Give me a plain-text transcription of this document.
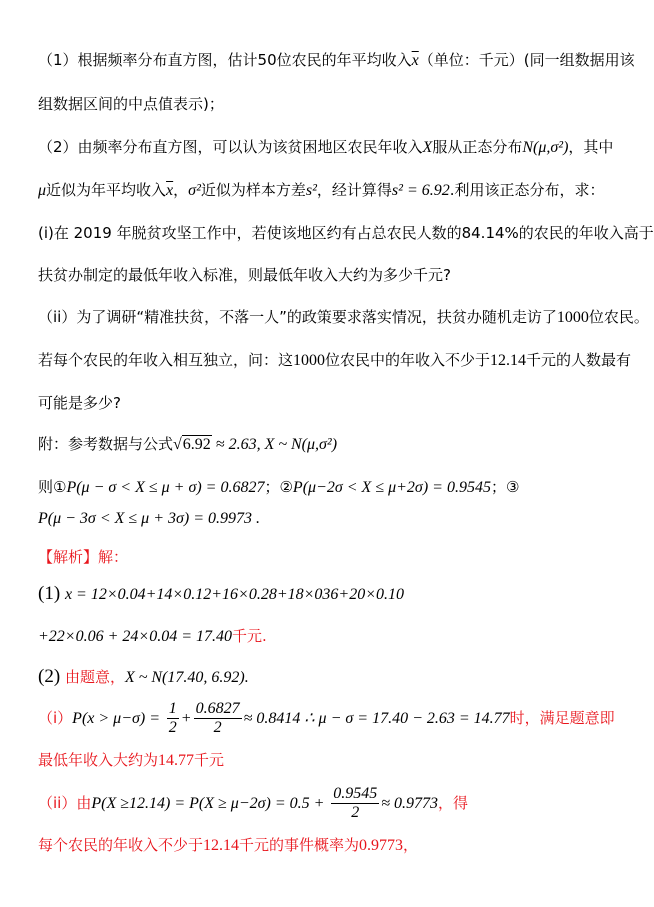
（1）根据频率分布直方图，估计50位农民的年平均收入$\overline{x}$（单位：千元）(同一组数据用该
组数据区间的中点值表示)；
（2）由频率分布直方图，可以认为该贫困地区农民年收入X服从正态分布N(μ,σ²)，其中
μ近似为年平均收入$\overline{x}$，σ²近似为样本方差s²，经计算得s² = 6.92.利用该正态分布，求：
(i)在 2019 年脱贫攻坚工作中，若使该地区约有占总农民人数的84.14%的农民的年收入高于
扶贫办制定的最低年收入标准，则最低年收入大约为多少千元?
（ii）为了调研“精准扶贫，不落一人”的政策要求落实情况，扶贫办随机走访了1000位农民。
若每个农民的年收入相互独立，问：这1000位农民中的年收入不少于12.14千元的人数最有
可能是多少?
附：参考数据与公式√6.92 ≈ 2.63, X ~ N(μ,σ²)
则①P(μ − σ < X ≤ μ + σ) = 0.6827；②P(μ−2σ < X ≤ μ+2σ) = 0.9545；③
P(μ − 3σ < X ≤ μ + 3σ) = 0.9973 .
【解析】解：
(1) x = 12×0.04+14×0.12+16×0.28+18×036+20×0.10
+22×0.06 + 24×0.04 = 17.40千元.
(2) 由题意，X ~ N(17.40, 6.92).
$(i)P(x > \mu-\sigma) = \frac{1}{2} + \frac{0.6827}{2} \approx 0.8414$ ∴ μ − σ = 17.40 − 2.63 = 14.77时，满足题意即
最低年收入大约为14.77千元
（ii）由$P(X \ge 12.14) = P(X \ge \mu-2\sigma) = 0.5 + \frac{0.9545}{2} \approx 0.9773$，得
每个农民的年收入不少于12.14千元的事件概率为0.9773，
